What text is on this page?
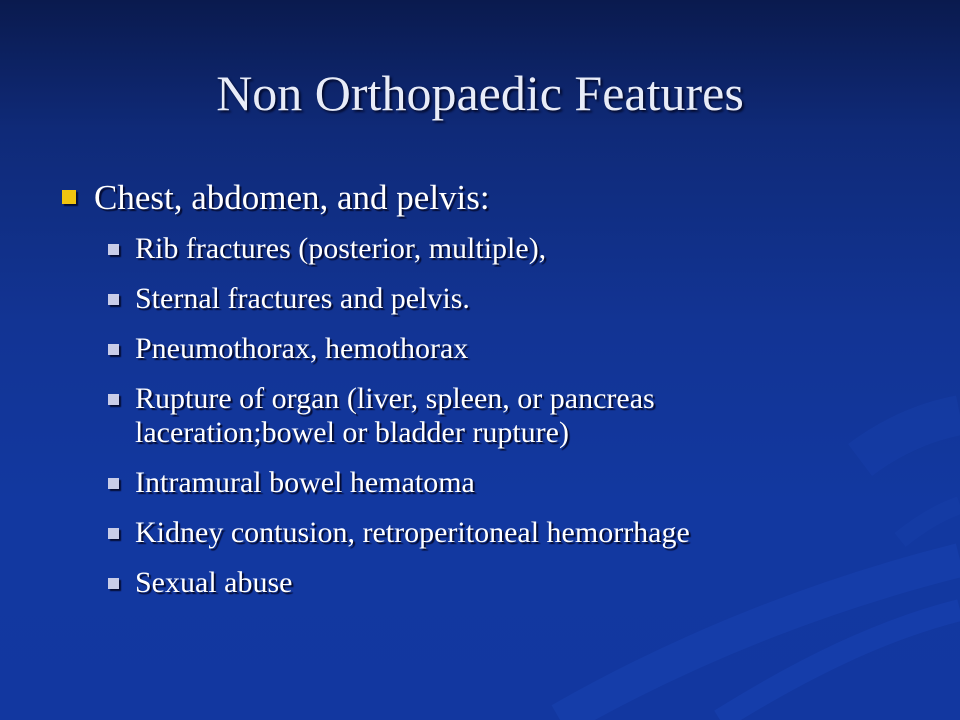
Non Orthopaedic Features
Chest, abdomen, and pelvis:
Rib fractures (posterior, multiple),
Sternal fractures and pelvis.
Pneumothorax, hemothorax
Rupture of organ (liver, spleen, or pancreas laceration;bowel or bladder rupture)
Intramural bowel hematoma
Kidney contusion, retroperitoneal hemorrhage
Sexual abuse
